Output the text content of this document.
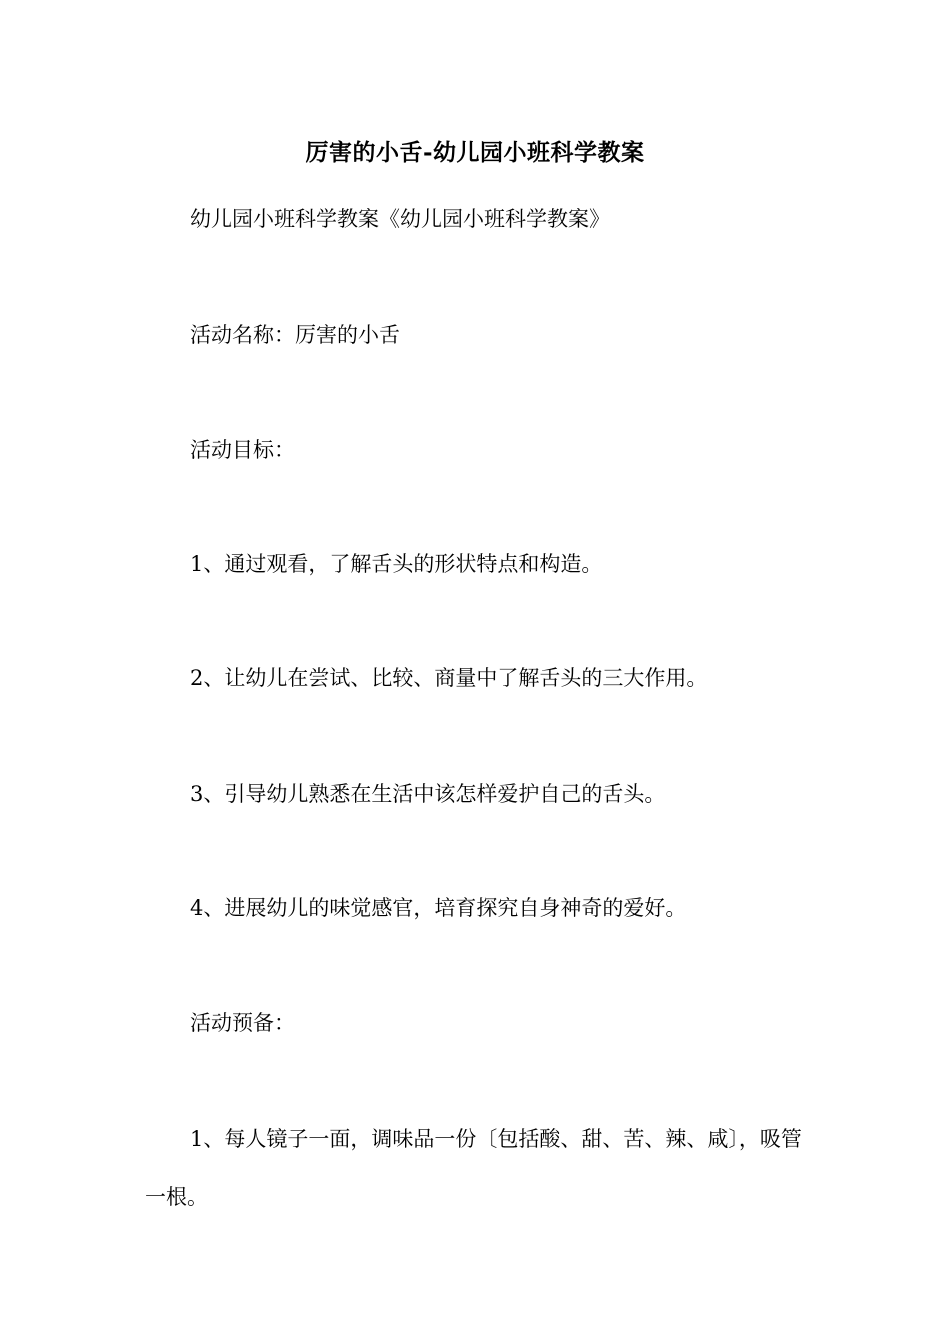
厉害的小舌-幼儿园小班科学教案
幼儿园小班科学教案《幼儿园小班科学教案》
活动名称：厉害的小舌
活动目标：
1、通过观看，了解舌头的形状特点和构造。
2、让幼儿在尝试、比较、商量中了解舌头的三大作用。
3、引导幼儿熟悉在生活中该怎样爱护自己的舌头。
4、进展幼儿的味觉感官，培育探究自身神奇的爱好。
活动预备：
1、每人镜子一面，调味品一份〔包括酸、甜、苦、辣、咸〕，吸管一根。
